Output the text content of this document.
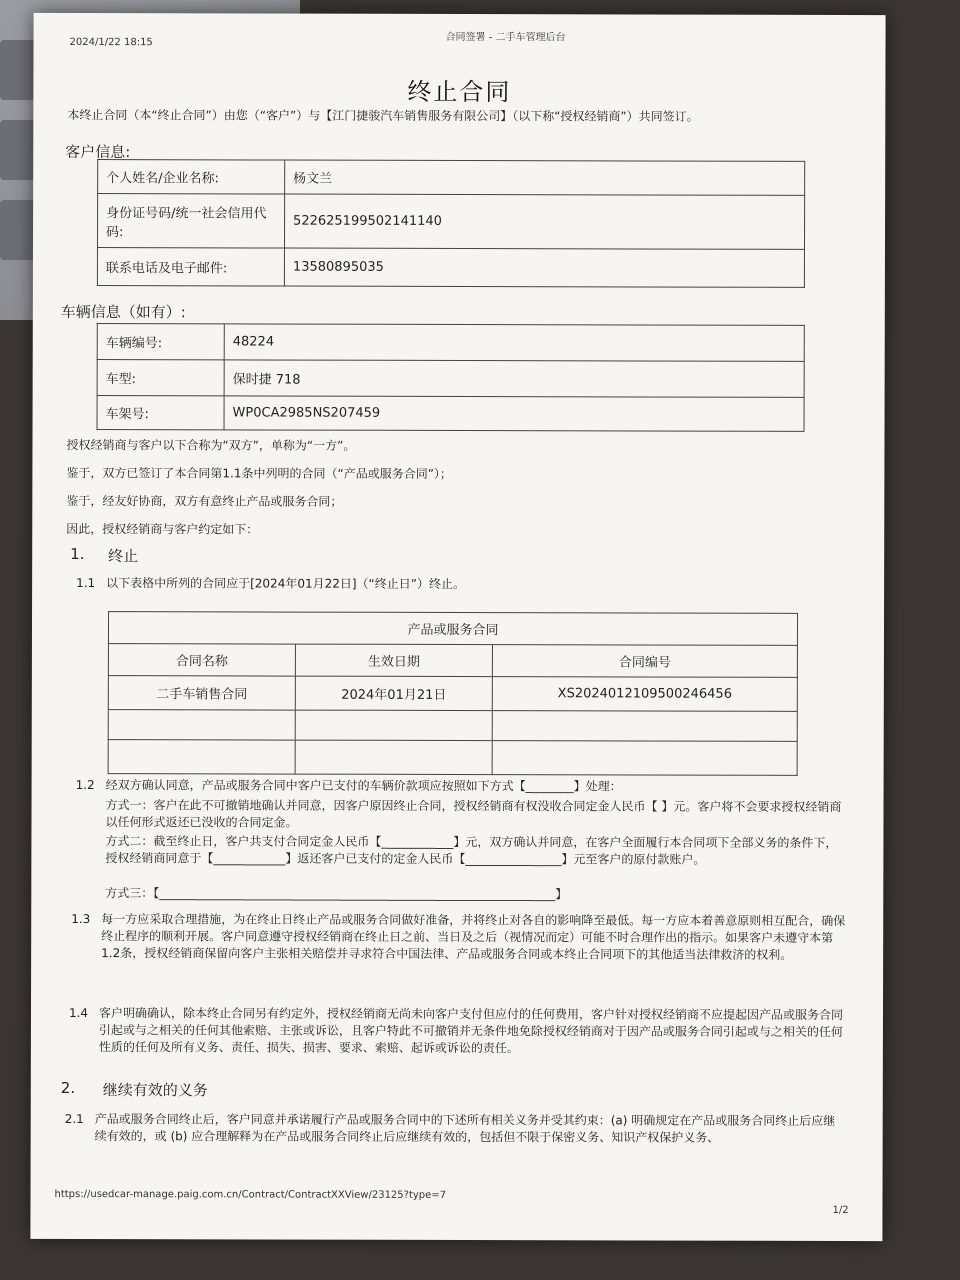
2024/1/22 18:15	合同签署 - 二手车管理后台
终止合同
本终止合同（本“终止合同”）由您（“客户”）与【江门捷骏汽车销售服务有限公司】（以下称“授权经销商”）共同签订。
客户信息:
个人姓名/企业名称:	杨文兰
身份证号码/统一社会信用代码:	522625199502141140
联系电话及电子邮件:	13580895035
车辆信息（如有）:
车辆编号:	48224
车型:	保时捷 718
车架号:	WP0CA2985NS207459
授权经销商与客户以下合称为“双方”，单称为“一方”。
鉴于，双方已签订了本合同第1.1条中列明的合同（“产品或服务合同”）；
鉴于，经友好协商，双方有意终止产品或服务合同；
因此，授权经销商与客户约定如下：
1. 终止
1.1 以下表格中所列的合同应于[2024年01月22日]（“终止日”）终止。
产品或服务合同		
合同名称	生效日期	合同编号
二手车销售合同	2024年01月21日	XS2024012109500246456

1.2 经双方确认同意，产品或服务合同中客户已支付的车辆价款项应按照如下方式【________】处理：
方式一：客户在此不可撤销地确认并同意，因客户原因终止合同，授权经销商有权没收合同定金人民币【 】元。客户将不会要求授权经销商以任何形式返还已没收的合同定金。
方式二：截至终止日，客户共支付合同定金人民币【____________】元，双方确认并同意，在客户全面履行本合同项下全部义务的条件下，授权经销商同意于【____________】返还客户已支付的定金人民币【________________】元至客户的原付款账户。
方式三：【__________________________________________________________________】
1.3 每一方应采取合理措施，为在终止日终止产品或服务合同做好准备，并将终止对各自的影响降至最低。每一方应本着善意原则相互配合，确保终止程序的顺利开展。客户同意遵守授权经销商在终止日之前、当日及之后（视情况而定）可能不时合理作出的指示。如果客户未遵守本第1.2条，授权经销商保留向客户主张相关赔偿并寻求符合中国法律、产品或服务合同或本终止合同项下的其他适当法律救济的权利。
1.4 客户明确确认，除本终止合同另有约定外，授权经销商无尚未向客户支付但应付的任何费用，客户针对授权经销商不应提起因产品或服务合同引起或与之相关的任何其他索赔、主张或诉讼，且客户特此不可撤销并无条件地免除授权经销商对于因产品或服务合同引起或与之相关的任何性质的任何及所有义务、责任、损失、损害、要求、索赔、起诉或诉讼的责任。
2. 继续有效的义务
2.1 产品或服务合同终止后，客户同意并承诺履行产品或服务合同中的下述所有相关义务并受其约束：(a) 明确规定在产品或服务合同终止后应继续有效的，或 (b) 应合理解释为在产品或服务合同终止后应继续有效的，包括但不限于保密义务、知识产权保护义务、
https://usedcar-manage.paig.com.cn/Contract/ContractXXView/23125?type=7
1/2
